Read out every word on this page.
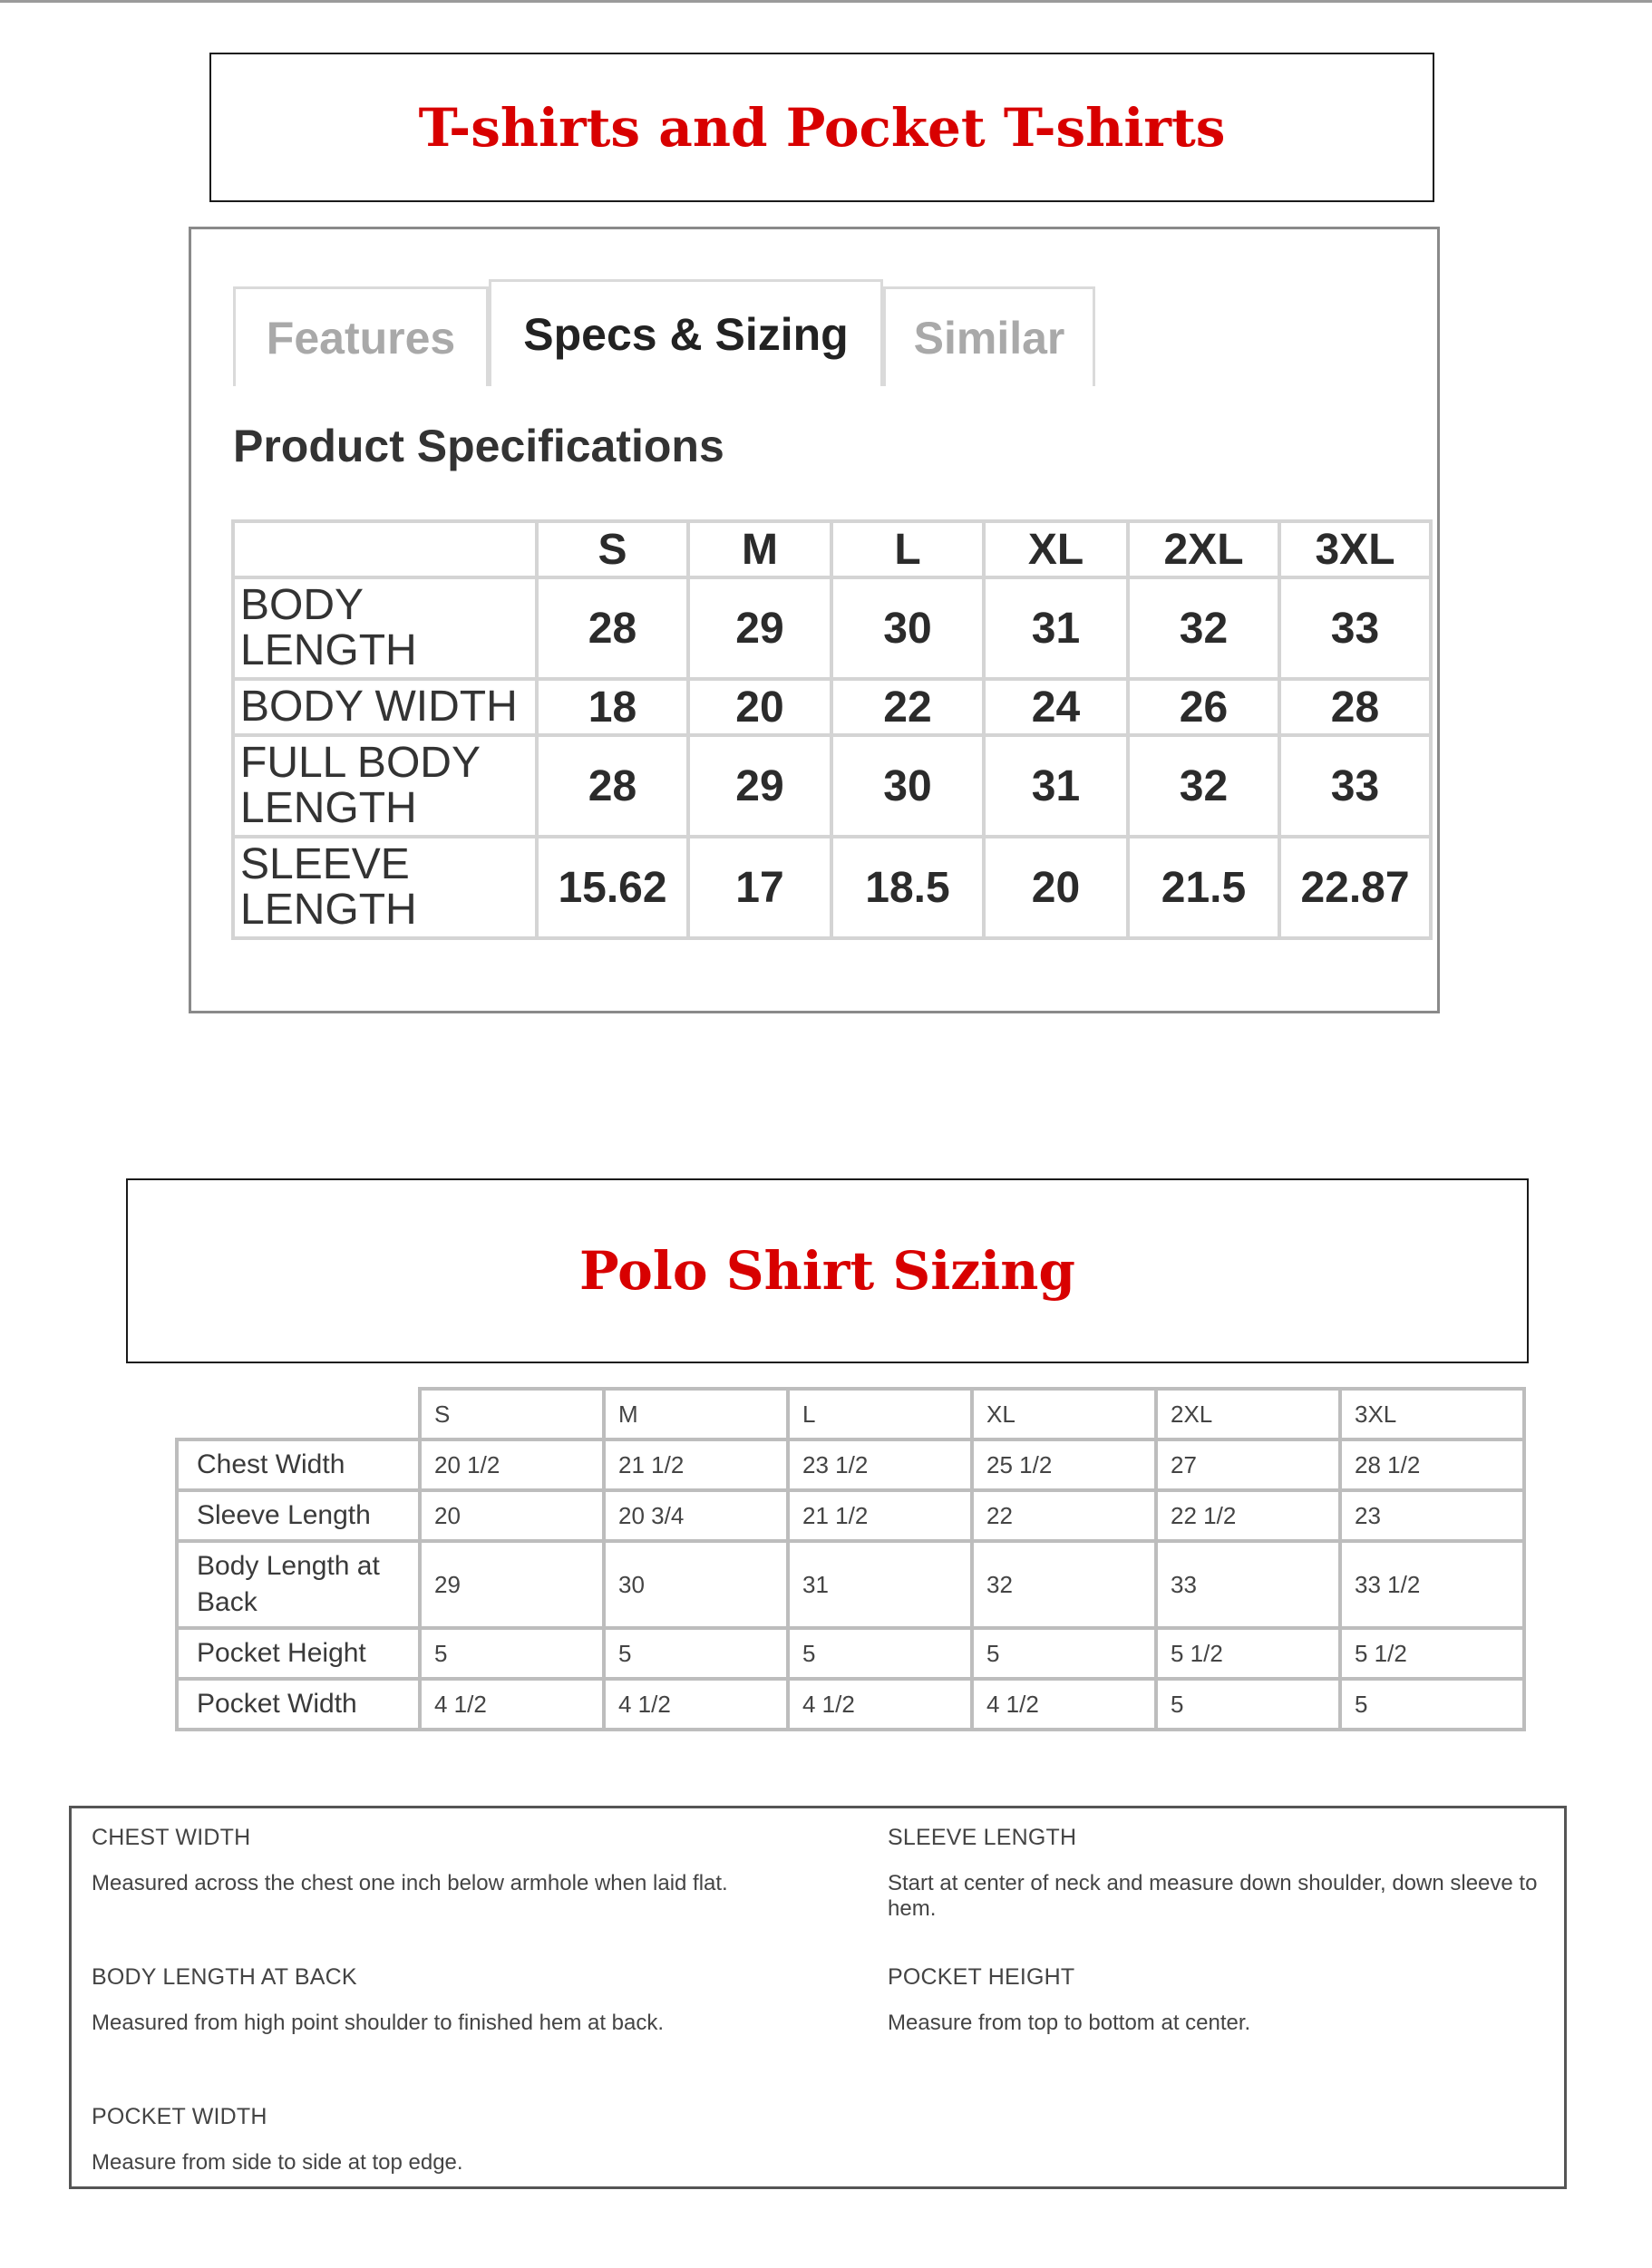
T-shirts and Pocket T-shirts
Features	Specs & Sizing	Similar
Product Specifications
	S	M	L	XL	2XL	3XL
BODY LENGTH	28	29	30	31	32	33
BODY WIDTH	18	20	22	24	26	28
FULL BODY LENGTH	28	29	30	31	32	33
SLEEVE LENGTH	15.62	17	18.5	20	21.5	22.87
Polo Shirt Sizing
	S	M	L	XL	2XL	3XL
Chest Width	20 1/2	21 1/2	23 1/2	25 1/2	27	28 1/2
Sleeve Length	20	20 3/4	21 1/2	22	22 1/2	23
Body Length at Back	29	30	31	32	33	33 1/2
Pocket Height	5	5	5	5	5 1/2	5 1/2
Pocket Width	4 1/2	4 1/2	4 1/2	4 1/2	5	5
CHEST WIDTH
Measured across the chest one inch below armhole when laid flat.
SLEEVE LENGTH
Start at center of neck and measure down shoulder, down sleeve to hem.
BODY LENGTH AT BACK
Measured from high point shoulder to finished hem at back.
POCKET HEIGHT
Measure from top to bottom at center.
POCKET WIDTH
Measure from side to side at top edge.
